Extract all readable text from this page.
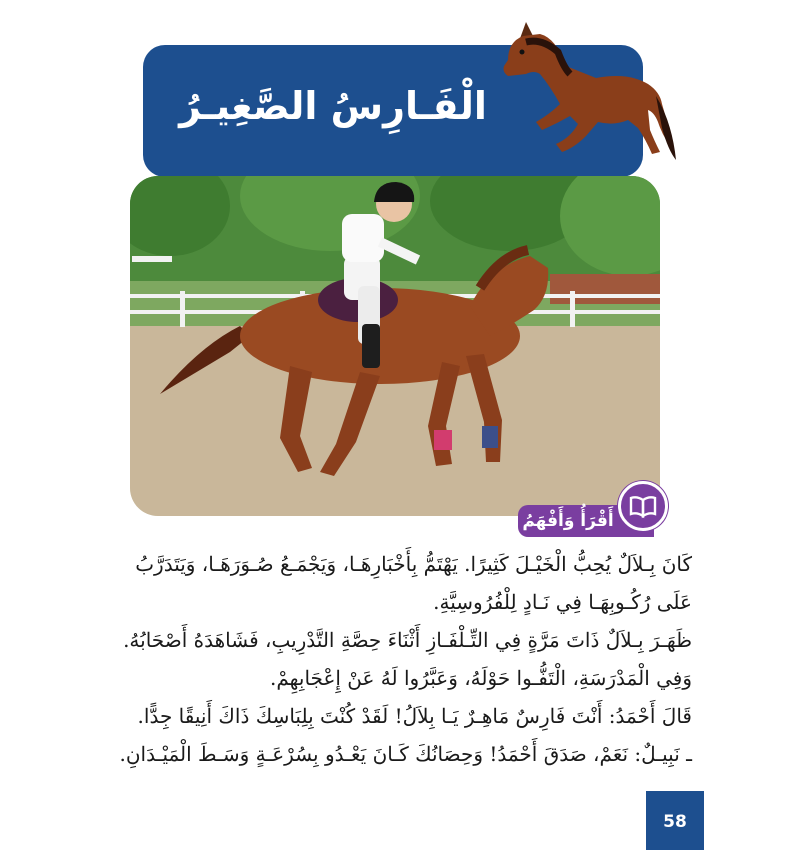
الْفَـارِسُ الصَّغِيـرُ
أَقْرَأُ وَأَفْهَمُ

كَانَ بِـلاَلٌ يُحِبُّ الْخَيْـلَ كَثِيرًا. يَهْتَمُّ بِأَخْبَارِهَـا، وَيَجْمَـعُ صُـوَرَهَـا، وَيَتَدَرَّبُ

عَلَى رُكُـوبِهَـا فِي نَـادٍ لِلْفُرُوسِيَّةِ.

ظَهَـرَ بِـلاَلٌ ذَاتَ مَرَّةٍ فِي التِّـلْفَـازِ أَثْنَاءَ حِصَّةِ التَّدْرِيبِ، فَشَاهَدَهُ أَصْحَابُهُ.

وَفِي الْمَدْرَسَةِ، الْتَفُّـوا حَوْلَهُ، وَعَبَّرُوا لَهُ عَنْ إِعْجَابِهِمْ.

قَالَ أَحْمَدُ: أَنْتَ فَارِسٌ مَاهِـرٌ يَـا بِلاَلُ! لَقَدْ كُنْتَ بِلِبَاسِكَ ذَاكَ أَنِيقًا جِدًّا.

ـ نَبِيـلٌ: نَعَمْ، صَدَقَ أَحْمَدُ! وَحِصَانُكَ كَـانَ يَعْـدُو بِسُرْعَـةٍ وَسَـطَ الْمَيْـدَانِ.

58
